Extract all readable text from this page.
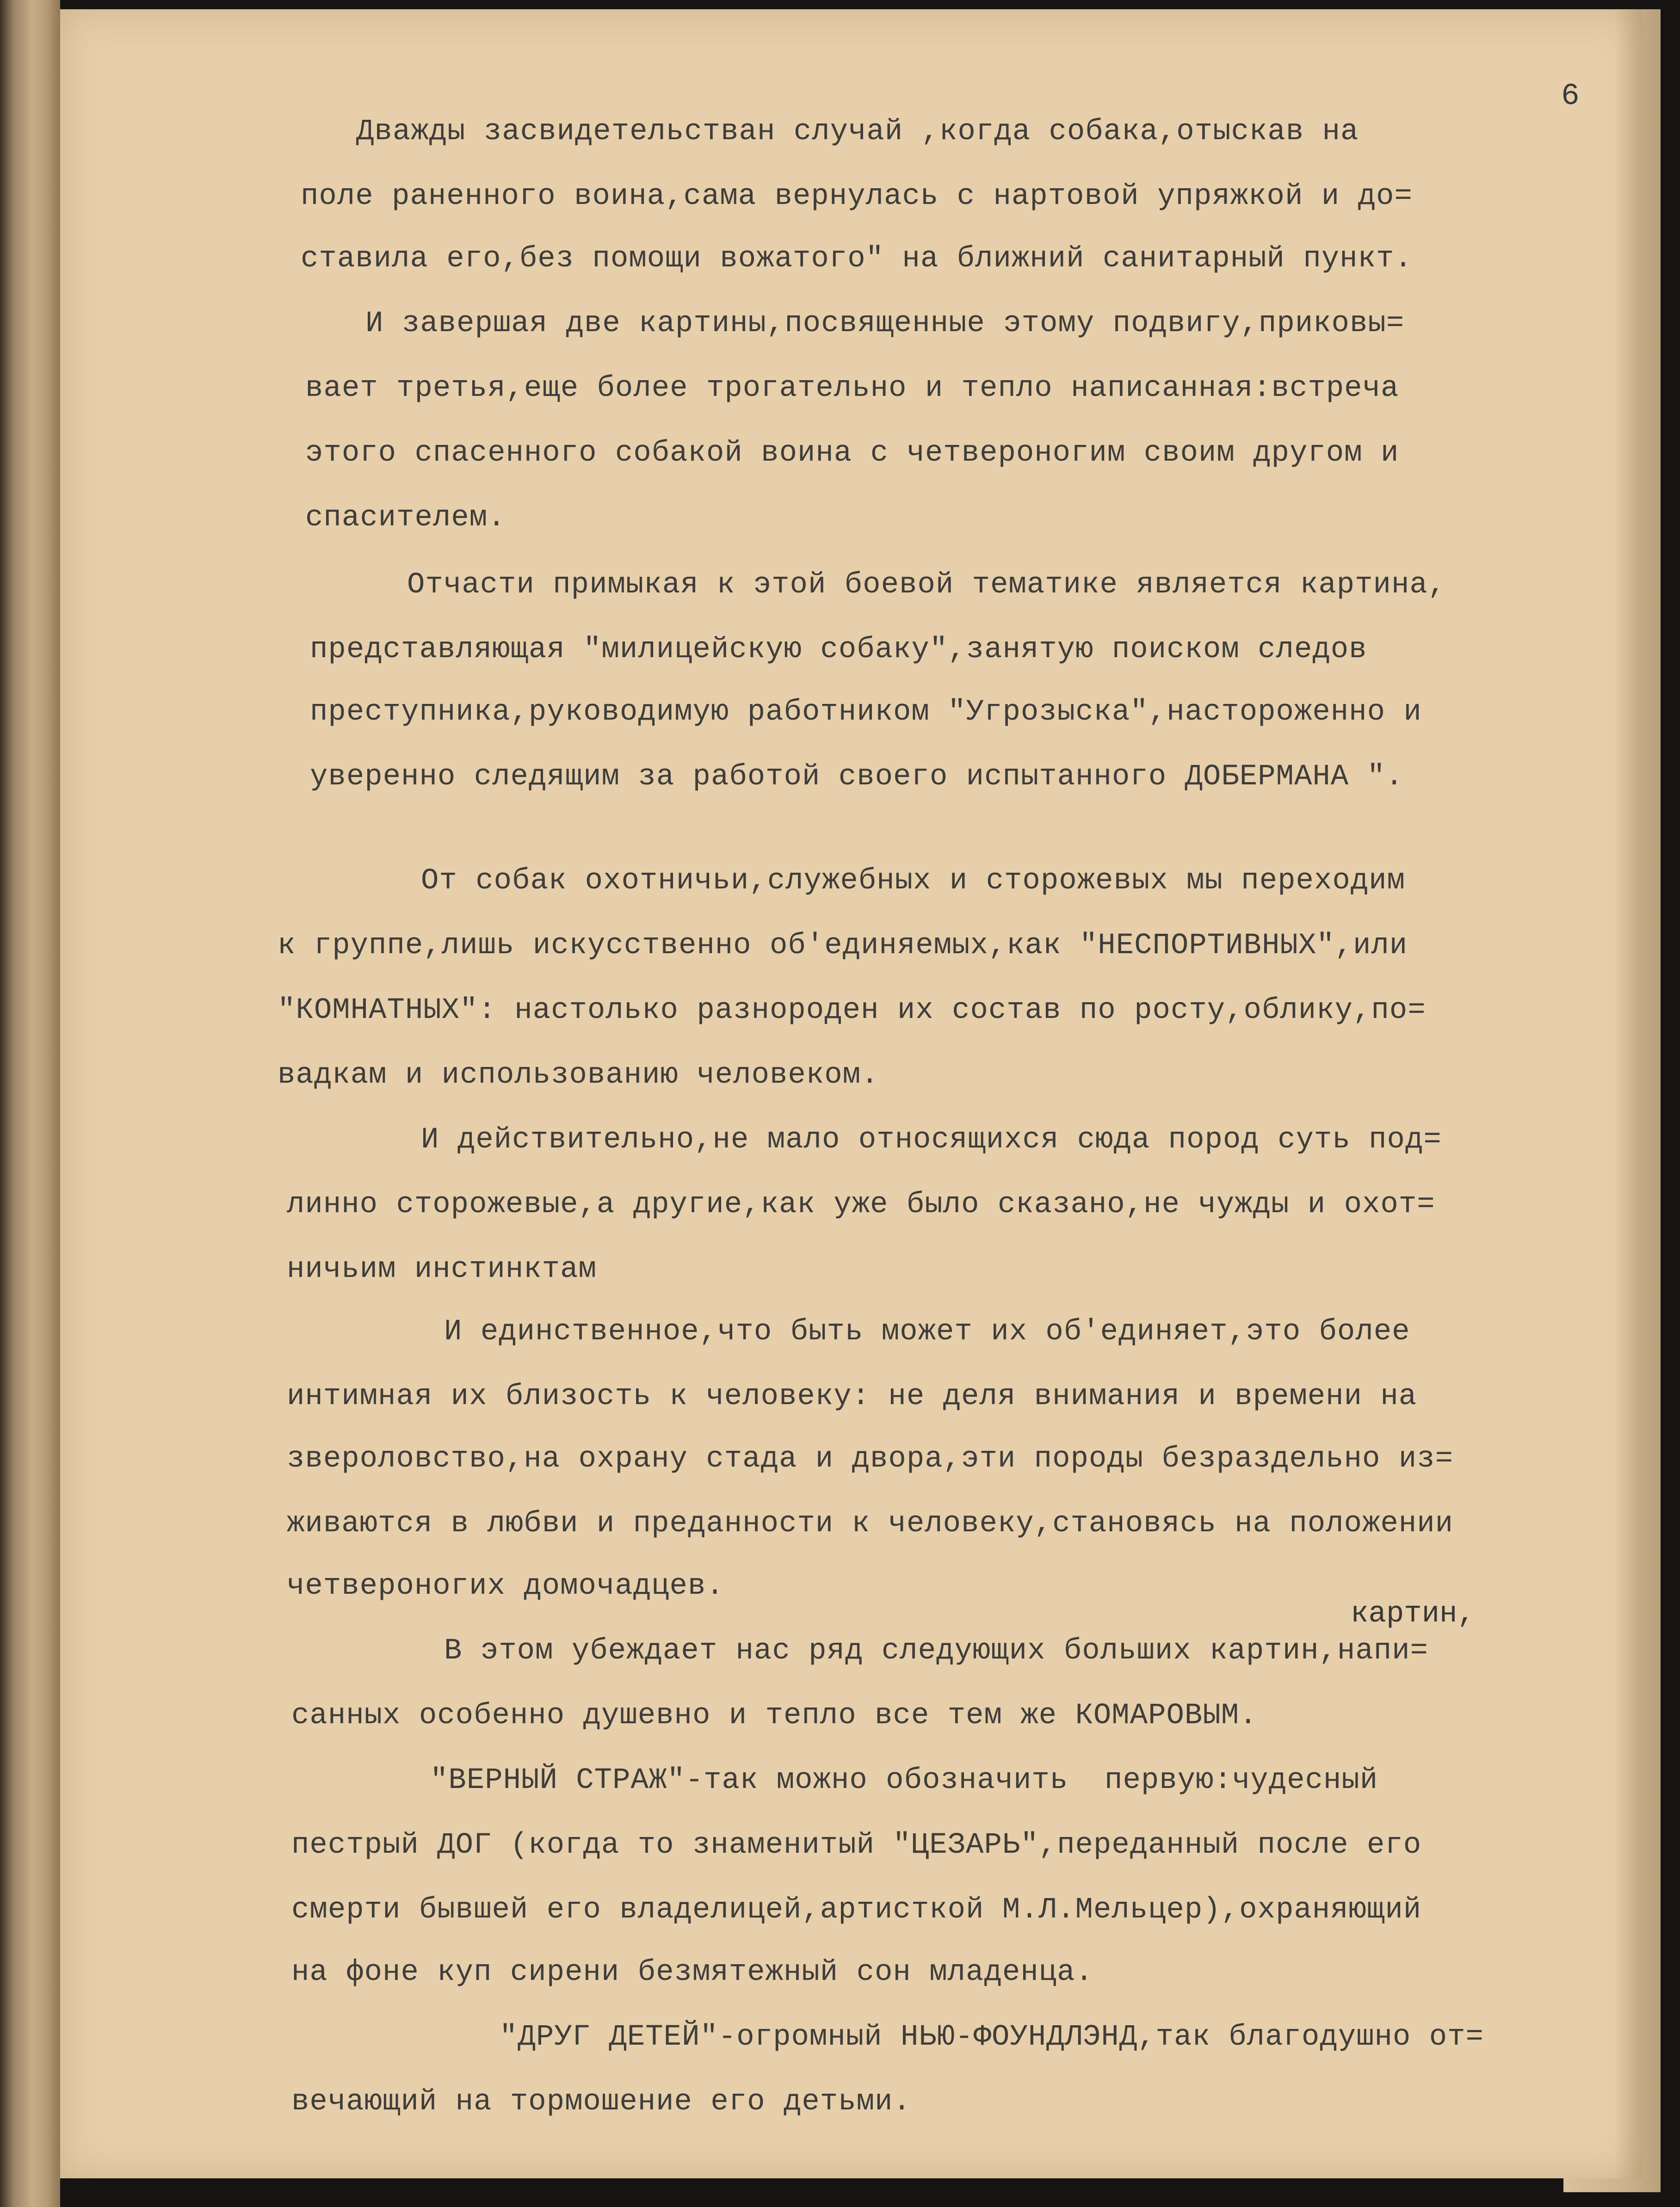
6
Дважды засвидетельстван случай ,когда собака,отыскав на
поле раненного воина,сама вернулась с нартовой упряжкой и до=
ставила его,без помощи вожатого" на ближний санитарный пункт.
И завершая две картины,посвященные этому подвигу,приковы=
вает третья,еще более трогательно и тепло написанная:встреча
этого спасенного собакой воина с четвероногим своим другом и
спасителем.
Отчасти примыкая к этой боевой тематике является картина,
представляющая "милицейскую собаку",занятую поиском следов
преступника,руководимую работником "Угрозыска",настороженно и
уверенно следящим за работой своего испытанного ДОБЕРМАНА ".
От собак охотничьи,служебных и сторожевых мы переходим
к группе,лишь искусственно об'единяемых,как "НЕСПОРТИВНЫХ",или
"КОМНАТНЫХ": настолько разнороден их состав по росту,облику,по=
вадкам и использованию человеком.
И действительно,не мало относящихся сюда пород суть под=
линно сторожевые,а другие,как уже было сказано,не чужды и охот=
ничьим инстинктам
И единственное,что быть может их об'единяет,это более
интимная их близость к человеку: не деля внимания и времени на
звероловство,на охрану стада и двора,эти породы безраздельно из=
живаются в любви и преданности к человеку,становясь на положении
четвероногих домочадцев.
картин,
В этом убеждает нас ряд следующих больших картин,напи=
санных особенно душевно и тепло все тем же КОМАРОВЫМ.
"ВЕРНЫЙ СТРАЖ"-так можно обозначить  первую:чудесный
пестрый ДОГ (когда то знаменитый "ЦЕЗАРЬ",переданный после его
смерти бывшей его владелицей,артисткой М.Л.Мельцер),охраняющий
на фоне куп сирени безмятежный сон младенца.
"ДРУГ ДЕТЕЙ"-огромный НЬЮ-ФОУНДЛЭНД,так благодушно от=
вечающий на тормошение его детьми.
